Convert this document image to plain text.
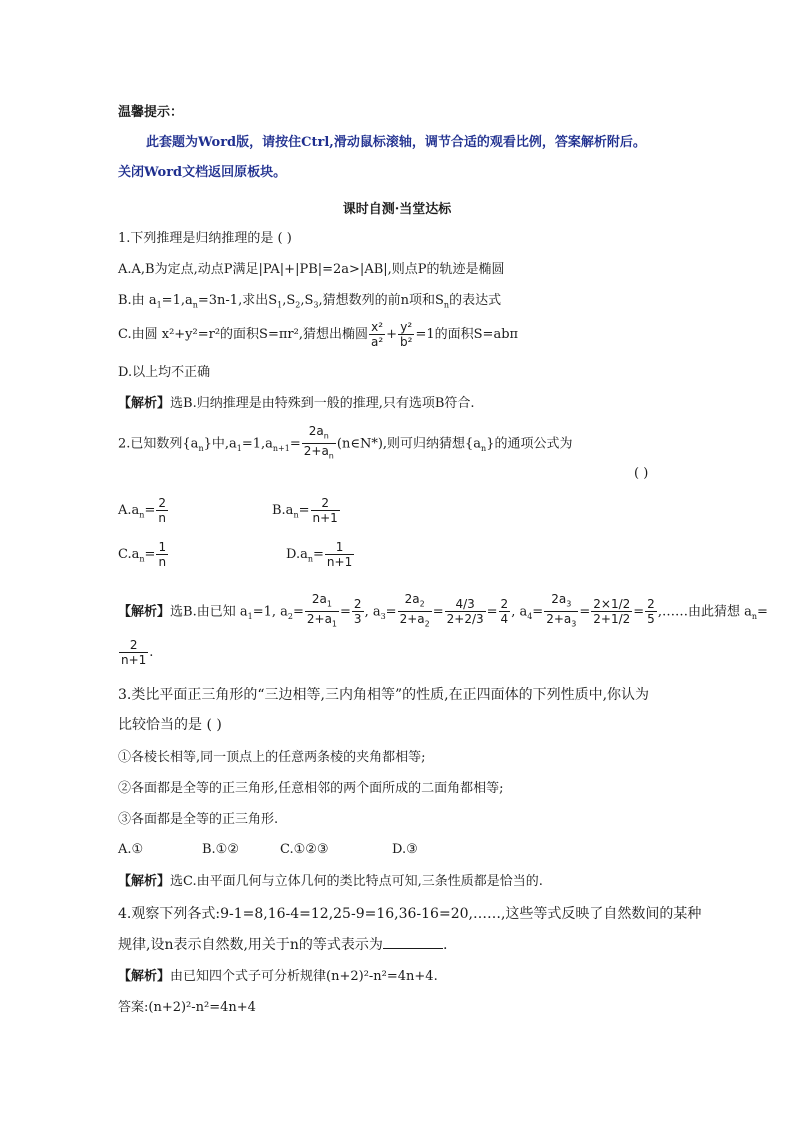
温馨提示：
此套题为Word版，请按住Ctrl,滑动鼠标滚轴，调节合适的观看比例，答案解析附后。
关闭Word文档返回原板块。
课时自测·当堂达标
1.下列推理是归纳推理的是 ( )
A.A,B为定点,动点P满足|PA|+|PB|=2a>|AB|,则点P的轨迹是椭圆
B.由 $a_1=1,a_n=3n-1$,求出$S_1,S_2,S_3$,猜想数列的前n项和$S_n$的表达式
C.由圆 x²+y²=r²的面积S=πr²,猜想出椭圆 $\frac{\text{x²}}{\text{a²}} + \frac{\text{y²}}{\text{b²}} =1$的面积S=abπ
D.以上均不正确
【解析】选B.归纳推理是由特殊到一般的推理,只有选项B符合.
2.已知数列$\{a_n\}$中$,a_1=1,a_{n+1}= \frac{2a_n}{2+a_n}$ (n∈N*),则可归纳猜想$\{a_n\}$的通项公式为
( )
$A.a_n= \frac{2}{n}$	$B.a_n= \frac{2}{n+1}$
$C.a_n= \frac{1}{n}$	$D.a_n= \frac{1}{n+1}$
【解析】选B.由已知 $a_1=1$, $a_2= \frac{2a_1}{2+a_1} = \frac{2}{3}$ , $a_3= \frac{2a_2}{2+a_2} = \frac{4/3}{2+2/3} = \frac{2}{4}$ , $a_4= \frac{2a_3}{2+a_3} = \frac{2\times 1/2}{2+1/2} = \frac{2}{5}$ ,……由此猜想 $a_n=$
$\frac{2}{n+1}$ .
3.类比平面正三角形的“三边相等,三内角相等”的性质,在正四面体的下列性质中,你认为
比较恰当的是 ( )
①各棱长相等,同一顶点上的任意两条棱的夹角都相等;
②各面都是全等的正三角形,任意相邻的两个面所成的二面角都相等;
③各面都是全等的正三角形.
A.①	B.①②	C.①②③	D.③
【解析】选C.由平面几何与立体几何的类比特点可知,三条性质都是恰当的.
4.观察下列各式:9-1=8,16-4=12,25-9=16,36-16=20,……,这些等式反映了自然数间的某种
规律,设n表示自然数,用关于n的等式表示为	.
【解析】由已知四个式子可分析规律(n+2)²-n²=4n+4.
答案:(n+2)²-n²=4n+4
